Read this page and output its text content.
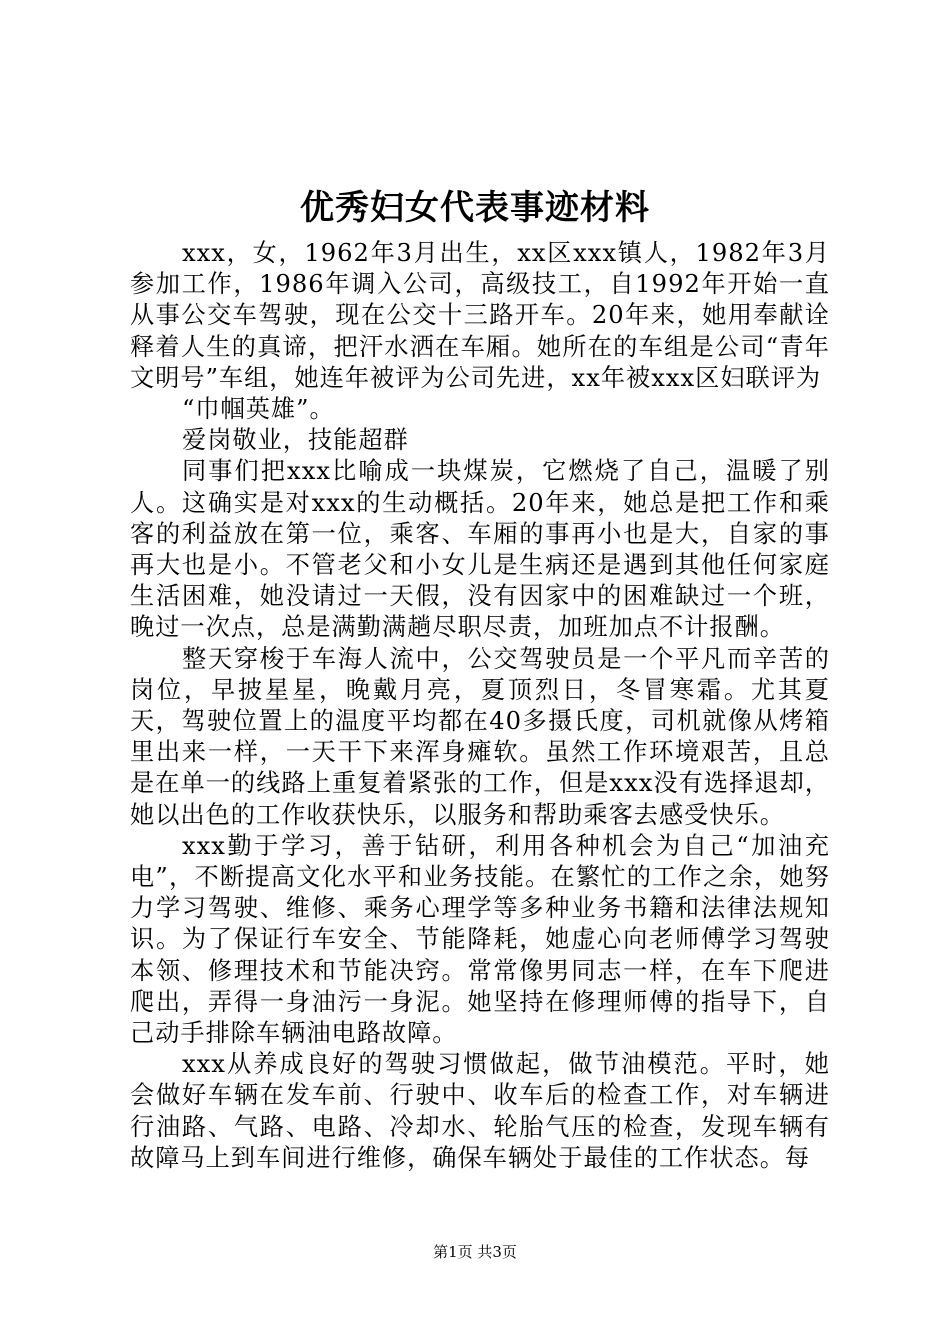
优秀妇女代表事迹材料

xxx，女，1962年3月出生，xx区xxx镇人，1982年3月参加工作，1986年调入公司，高级技工，自1992年开始一直从事公交车驾驶，现在公交十三路开车。20年来，她用奉献诠释着人生的真谛，把汗水洒在车厢。她所在的车组是公司“青年文明号”车组，她连年被评为公司先进，xx年被xxx区妇联评为

“巾帼英雄”。

爱岗敬业，技能超群

同事们把xxx比喻成一块煤炭，它燃烧了自己，温暖了别人。这确实是对xxx的生动概括。20年来，她总是把工作和乘客的利益放在第一位，乘客、车厢的事再小也是大，自家的事再大也是小。不管老父和小女儿是生病还是遇到其他任何家庭生活困难，她没请过一天假，没有因家中的困难缺过一个班，晚过一次点，总是满勤满趟尽职尽责，加班加点不计报酬。

整天穿梭于车海人流中，公交驾驶员是一个平凡而辛苦的岗位，早披星星，晚戴月亮，夏顶烈日，冬冒寒霜。尤其夏天，驾驶位置上的温度平均都在40多摄氏度，司机就像从烤箱里出来一样，一天干下来浑身瘫软。虽然工作环境艰苦，且总是在单一的线路上重复着紧张的工作，但是xxx没有选择退却，她以出色的工作收获快乐，以服务和帮助乘客去感受快乐。

xxx勤于学习，善于钻研，利用各种机会为自己“加油充电”，不断提高文化水平和业务技能。在繁忙的工作之余，她努力学习驾驶、维修、乘务心理学等多种业务书籍和法律法规知识。为了保证行车安全、节能降耗，她虚心向老师傅学习驾驶本领、修理技术和节能决窍。常常像男同志一样，在车下爬进爬出，弄得一身油污一身泥。她坚持在修理师傅的指导下，自己动手排除车辆油电路故障。

xxx从养成良好的驾驶习惯做起，做节油模范。平时，她会做好车辆在发车前、行驶中、收车后的检查工作，对车辆进行油路、气路、电路、冷却水、轮胎气压的检查，发现车辆有故障马上到车间进行维修，确保车辆处于最佳的工作状态。每

第1页 共3页
